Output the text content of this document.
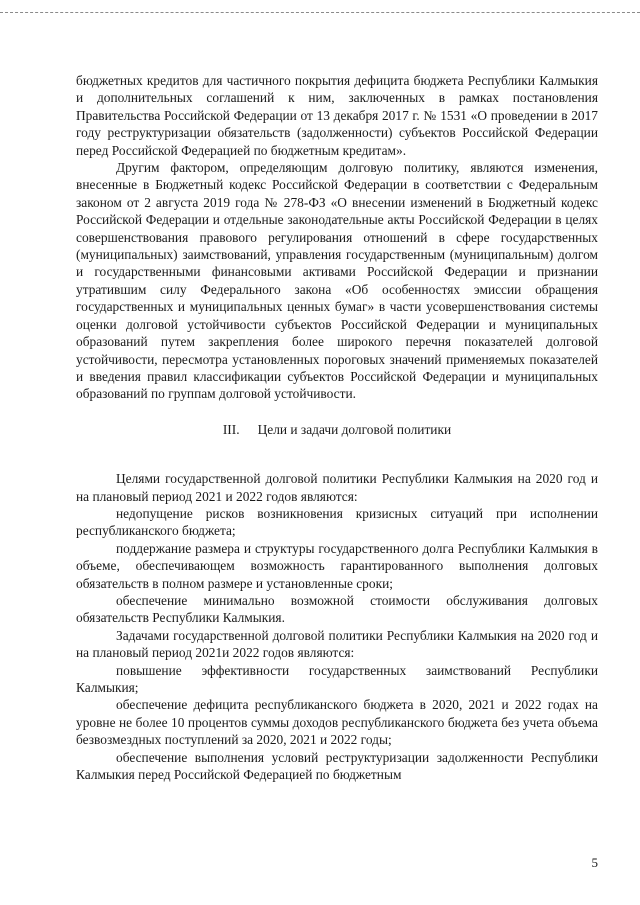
бюджетных кредитов для частичного покрытия дефицита бюджета Республики Калмыкия и дополнительных соглашений к ним, заключенных в рамках постановления Правительства Российской Федерации от 13 декабря 2017 г. № 1531 «О проведении в 2017 году реструктуризации обязательств (задолженности) субъектов Российской Федерации перед Российской Федерацией по бюджетным кредитам».

Другим фактором, определяющим долговую политику, являются изменения, внесенные в Бюджетный кодекс Российской Федерации в соответствии с Федеральным законом от 2 августа 2019 года № 278-ФЗ «О внесении изменений в Бюджетный кодекс Российской Федерации и отдельные законодательные акты Российской Федерации в целях совершенствования правового регулирования отношений в сфере государственных (муниципальных) заимствований, управления государственным (муниципальным) долгом и государственными финансовыми активами Российской Федерации и признании утратившим силу Федерального закона «Об особенностях эмиссии обращения государственных и муниципальных ценных бумаг» в части усовершенствования системы оценки долговой устойчивости субъектов Российской Федерации и муниципальных образований путем закрепления более широкого перечня показателей долговой устойчивости, пересмотра установленных пороговых значений применяемых показателей и введения правил классификации субъектов Российской Федерации и муниципальных образований по группам долговой устойчивости.

III. Цели и задачи долговой политики

Целями государственной долговой политики Республики Калмыкия на 2020 год и на плановый период 2021 и 2022 годов являются:

недопущение рисков возникновения кризисных ситуаций при исполнении республиканского бюджета;

поддержание размера и структуры государственного долга Республики Калмыкия в объеме, обеспечивающем возможность гарантированного выполнения долговых обязательств в полном размере и установленные сроки;

обеспечение минимально возможной стоимости обслуживания долговых обязательств Республики Калмыкия.

Задачами государственной долговой политики Республики Калмыкия на 2020 год и на плановый период 2021и 2022 годов являются:

повышение эффективности государственных заимствований Республики Калмыкия;

обеспечение дефицита республиканского бюджета в 2020, 2021 и 2022 годах на уровне не более 10 процентов суммы доходов республиканского бюджета без учета объема безвозмездных поступлений за 2020, 2021 и 2022 годы;

обеспечение выполнения условий реструктуризации задолженности Республики Калмыкия перед Российской Федерацией по бюджетным

5
